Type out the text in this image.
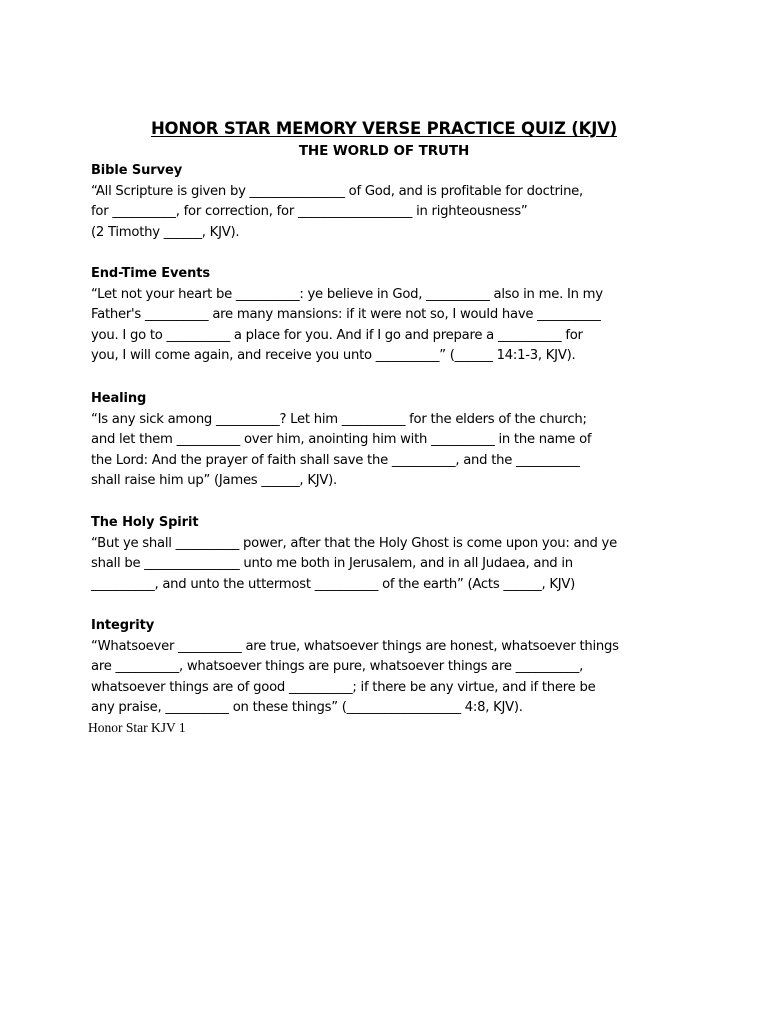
HONOR STAR MEMORY VERSE PRACTICE QUIZ (KJV)
THE WORLD OF TRUTH
Bible Survey
“All Scripture is given by _______________ of God, and is profitable for doctrine,
for __________, for correction, for __________________ in righteousness”
(2 Timothy ______, KJV).
End-Time Events
“Let not your heart be __________: ye believe in God, __________ also in me. In my
Father's __________ are many mansions: if it were not so, I would have __________
you. I go to __________ a place for you. And if I go and prepare a __________ for
you, I will come again, and receive you unto __________” (______ 14:1-3, KJV).
Healing
“Is any sick among __________? Let him __________ for the elders of the church;
and let them __________ over him, anointing him with __________ in the name of
the Lord: And the prayer of faith shall save the __________, and the __________
shall raise him up” (James ______, KJV).
The Holy Spirit
“But ye shall __________ power, after that the Holy Ghost is come upon you: and ye
shall be _______________ unto me both in Jerusalem, and in all Judaea, and in
__________, and unto the uttermost __________ of the earth” (Acts ______, KJV)
Integrity
“Whatsoever __________ are true, whatsoever things are honest, whatsoever things
are __________, whatsoever things are pure, whatsoever things are __________,
whatsoever things are of good __________; if there be any virtue, and if there be
any praise, __________ on these things” (__________________ 4:8, KJV).
Honor Star KJV 1
